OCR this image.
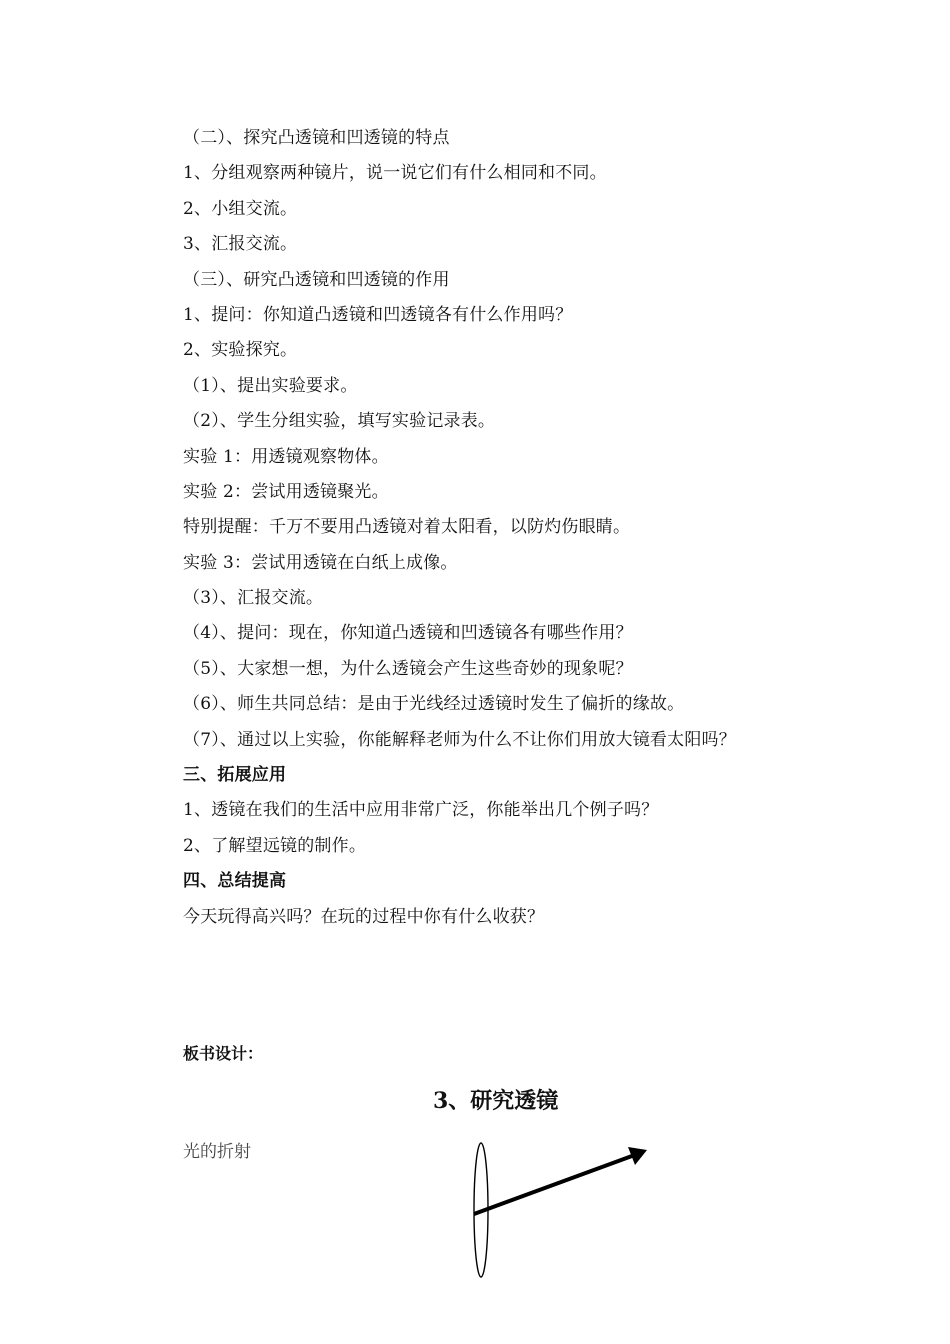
（二）、探究凸透镜和凹透镜的特点
1、分组观察两种镜片，说一说它们有什么相同和不同。
2、小组交流。
3、汇报交流。
（三）、研究凸透镜和凹透镜的作用
1、提问：你知道凸透镜和凹透镜各有什么作用吗？
2、实验探究。
（1）、提出实验要求。
（2）、学生分组实验，填写实验记录表。
实验 1：用透镜观察物体。
实验 2：尝试用透镜聚光。
特别提醒：千万不要用凸透镜对着太阳看，以防灼伤眼睛。
实验 3：尝试用透镜在白纸上成像。
（3）、汇报交流。
（4）、提问：现在，你知道凸透镜和凹透镜各有哪些作用？
（5）、大家想一想，为什么透镜会产生这些奇妙的现象呢？
（6）、师生共同总结：是由于光线经过透镜时发生了偏折的缘故。
（7）、通过以上实验，你能解释老师为什么不让你们用放大镜看太阳吗？
三、拓展应用
1、透镜在我们的生活中应用非常广泛，你能举出几个例子吗？
2、了解望远镜的制作。
四、总结提高
今天玩得高兴吗？在玩的过程中你有什么收获？
板书设计：
3、研究透镜
光的折射
